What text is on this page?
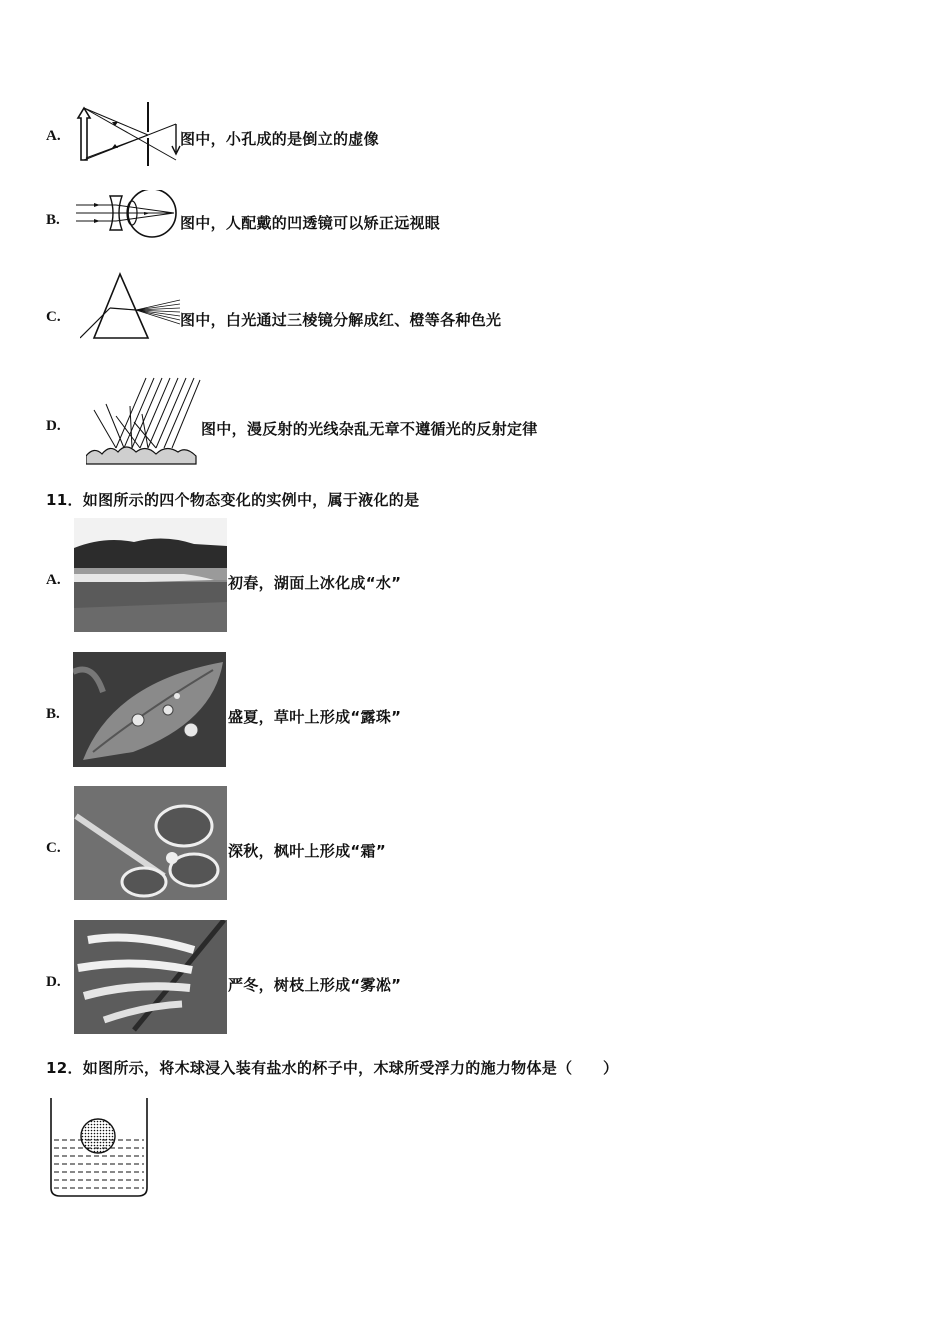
A.	图中，小孔成的是倒立的虚像
B.	图中，人配戴的凹透镜可以矫正远视眼
C.	图中，白光通过三棱镜分解成红、橙等各种色光
D.	图中，漫反射的光线杂乱无章不遵循光的反射定律
11．如图所示的四个物态变化的实例中，属于液化的是
A.	初春，湖面上冰化成“水”
B.	盛夏，草叶上形成“露珠”
C.	深秋，枫叶上形成“霜”
D.	严冬，树枝上形成“雾凇”
12．如图所示，将木球浸入装有盐水的杯子中，木球所受浮力的施力物体是（　　）
